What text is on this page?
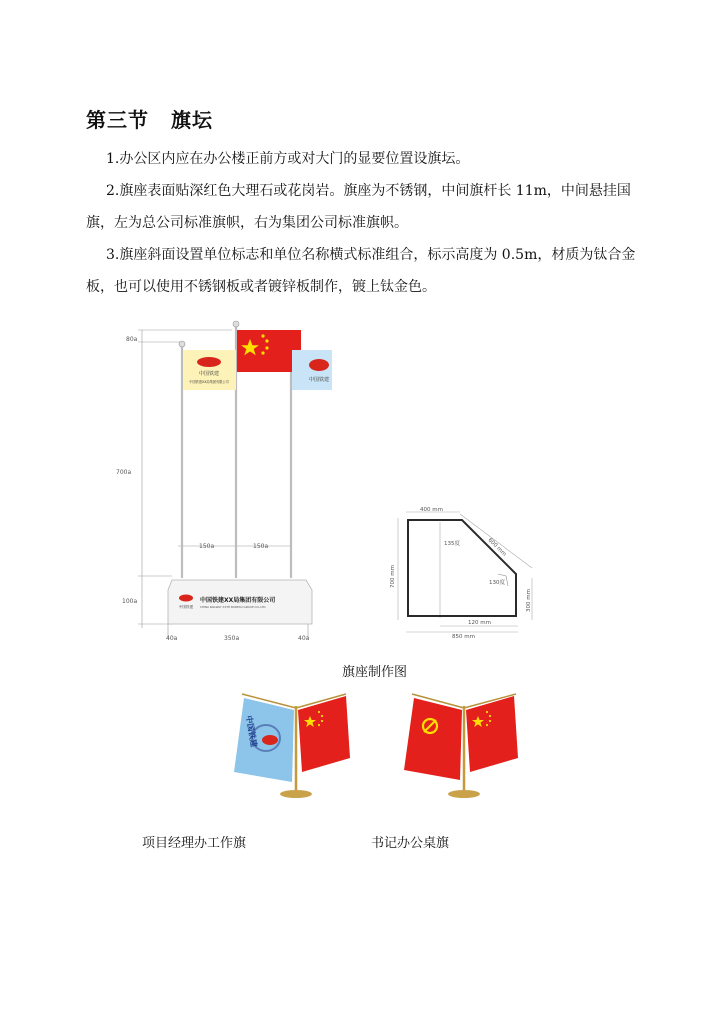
第三节 旗坛
1.办公区内应在办公楼正前方或对大门的显要位置设旗坛。
2.旗座表面贴深红色大理石或花岗岩。旗座为不锈钢，中间旗杆长 11m，中间悬挂国旗，左为总公司标准旗帜，右为集团公司标准旗帜。
3.旗座斜面设置单位标志和单位名称横式标准组合，标示高度为 0.5m，材质为钛合金板，也可以使用不锈钢板或者镀锌板制作，镀上钛金色。
80a
700a
100a
150a	150a
40a	350a	40a
中国铁建
中国铁建XX局集团有限公司	中国铁建
中国铁建
中国铁建XX局集团有限公司
CHINA RAILWAY XXTH BUREAU GROUP CO.,LTD.
400 mm
600 mm
700 mm
135度
130度
300 mm
120 mm
850 mm
旗座制作图
中国铁建
项目经理办工作旗	书记办公桌旗
